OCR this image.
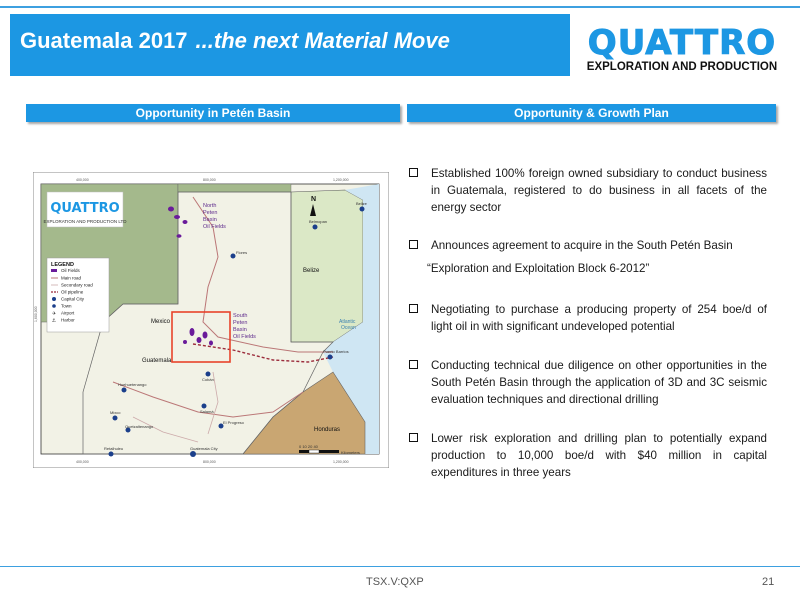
Guatemala 2017 ...the next Material Move	QUATTRO
EXPLORATION AND PRODUCTION
Opportunity in Petén Basin	Opportunity & Growth Plan
QUATTRO
EXPLORATION AND PRODUCTION LTD
LEGEND
Oil Fields
Main road
Secondary road
Oil pipeline
Capital City
Town
✈ Airport
⚓ Harbor	Mexico
Guatemala
Belize
Honduras
Atlantic
Ocean
North
Peten
Basin
Oil Fields
South
Peten
Basin
Oil Fields
Belize
Belmopan
Flores
Puerto Barrios
Cobán
Huehuetenango
Mixco
Quetzaltenango
Salamá
El Progreso
Guatemala City
Retalhuleu
N
0 10 20 40
Kilometers
400,000	800,000	1,200,000
400,000	800,000	1,200,000
1,600,000
Established 100% foreign owned subsidiary to conduct business in Guatemala, registered to do business in all facets of the energy sector
Announces agreement to acquire in the South Petén Basin
“Exploration and Exploitation Block 6-2012”
Negotiating to purchase a producing property of 254 boe/d of light oil in with significant undeveloped potential
Conducting technical due diligence on other opportunities in the South Petén Basin through the application of 3D and 3C seismic evaluation techniques and directional drilling
Lower risk exploration and drilling plan to potentially expand production to 10,000 boe/d with $40 million in capital expenditures in three years
TSX.V:QXP	21
